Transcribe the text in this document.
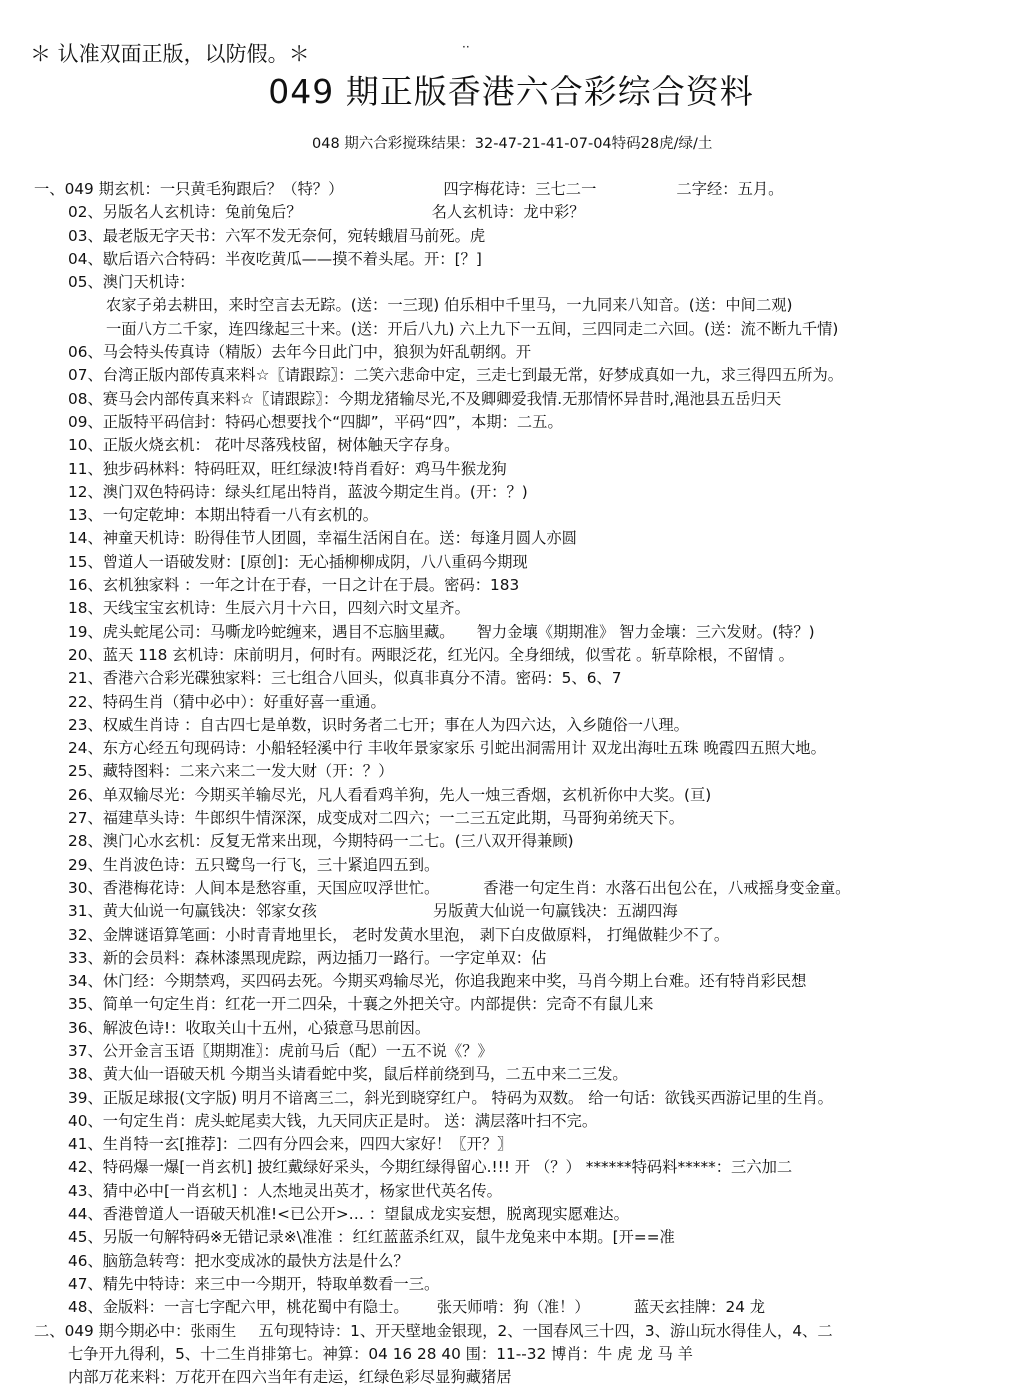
＊ 认准双面正版，以防假。＊	··
049 期正版香港六合彩综合资料
048 期六合彩搅珠结果：32-47-21-41-07-04特码28虎/绿/土
一、049 期玄机：一只黄毛狗跟后？（特？）	四字梅花诗：三七二一	二字经：五月。
02、另版名人玄机诗：兔前兔后？	名人玄机诗：龙中彩？
03、最老版无字天书：六军不发无奈何，宛转蛾眉马前死。虎
04、歇后语六合特码：半夜吃黄瓜——摸不着头尾。开：[？]
05、澳门天机诗：
农家子弟去耕田，来时空言去无踪。(送：一三现) 伯乐相中千里马，一九同来八知音。(送：中间二观)
一面八方二千家，连四缘起三十来。(送：开后八九) 六上九下一五间，三四同走二六回。(送：流不断九千情)
06、马会特头传真诗（精版）去年今日此门中，狼狈为奸乱朝纲。开
07、台湾正版内部传真来料☆〖请跟踪〗：二笑六悲命中定，三走七到最无常，好梦成真如一九，求三得四五所为。
08、赛马会内部传真来料☆〖请跟踪〗：今期龙猪输尽光,不及卿卿爱我情.无那情怀异昔时,渑池县五岳归天
09、正版特平码信封：特码心想要找个“四脚”，平码“四”，本期：二五。
10、正版火烧玄机： 花叶尽落残枝留，树体触天字存身。
11、独步码林料：特码旺双，旺红绿波!特肖看好：鸡马牛猴龙狗
12、澳门双色特码诗：绿头红尾出特肖，蓝波今期定生肖。(开：？)
13、一句定乾坤：本期出特看一八有玄机的。
14、神童天机诗：盼得佳节人团圆，幸福生活闲自在。送：每逢月圆人亦圆
15、曾道人一语破发财：[原创]：无心插柳柳成阴，八八重码今期现
16、玄机独家料 ：一年之计在于春，一日之计在于晨。密码：183
18、天线宝宝玄机诗：生辰六月十六日，四刻六时文星齐。
19、虎头蛇尾公司：马嘶龙吟蛇缠来，遇目不忘脑里藏。 智力金壤《期期准》 智力金壤：三六发财。(特？)
20、蓝天 118 玄机诗：床前明月，何时有。两眼泛花，红光闪。全身细绒，似雪花 。斩草除根，不留情 。
21、香港六合彩光碟独家料：三七组合八回头，似真非真分不清。密码：5、6、7
22、特码生肖（猜中必中）：好重好喜一重通。
23、权威生肖诗 ：自古四七是单数，识时务者二七开；事在人为四六达，入乡随俗一八理。
24、东方心经五句现码诗：小船轻轻溪中行 丰收年景家家乐 引蛇出洞需用计 双龙出海吐五珠 晚霞四五照大地。
25、藏特图料：二来六来二一发大财（开：？）
26、单双输尽光：今期买羊输尽光，凡人看看鸡羊狗，先人一烛三香烟，玄机祈你中大奖。(亘)
27、福建草头诗：牛郎织牛情深深，成变成对二四六；一二三五定此期，马哥狗弟统天下。
28、澳门心水玄机：反复无常来出现，今期特码一二七。(三八双开得兼顾)
29、生肖波色诗：五只鹭鸟一行飞，三十紧追四五到。
30、香港梅花诗：人间本是愁容重，天国应叹浮世忙。	香港一句定生肖：水落石出包公在，八戒摇身变金童。
31、黄大仙说一句赢钱决：邻家女孩	另版黄大仙说一句赢钱决：五湖四海
32、金牌谜语算笔画：小时青青地里长， 老时发黄水里泡， 剥下白皮做原料， 打绳做鞋少不了。
33、新的会员料：森林漆黑现虎踪，两边插刀一路行。一字定单双：佔
34、休门经：今期禁鸡，买四码去死。今期买鸡输尽光，你追我跑来中奖，马肖今期上台难。还有特肖彩民想
35、简单一句定生肖：红花一开二四朵，十襄之外把关守。内部提供：完奇不有鼠儿来
36、解波色诗!：收取关山十五州，心猿意马思前因。
37、公开金言玉语〖期期准〗：虎前马后（配）一五不说《？》
38、黄大仙一语破天机 今期当头请看蛇中奖，鼠后样前绕到马，二五中来二三发。
39、正版足球报(文字版) 明月不谙离三二，斜光到晓穿红户。 特码为双数。 给一句话：欲钱买西游记里的生肖。
40、一句定生肖：虎头蛇尾卖大钱，九天同庆正是时。 送：满层落叶扫不完。
41、生肖特一玄[推荐]：二四有分四会来，四四大家好！〖开？〗
42、特码爆一爆[一肖玄机] 披红戴绿好采头，今期红绿得留心.!!! 开 （？） ******特码料*****：三六加二
43、猜中必中[一肖玄机] ：人杰地灵出英才，杨家世代英名传。
44、香港曾道人一语破天机准!<已公开>… ：望鼠成龙实妄想，脱离现实愿难达。
45、另版一句解特码※无错记录※\准准 ：红红蓝蓝杀红双，鼠牛龙兔来中本期。[开==准
46、脑筋急转弯：把水变成冰的最快方法是什么？
47、精先中特诗：来三中一今期开，特取单数看一三。
48、金版料：一言七字配六甲，桃花蜀中有隐士。 张天师啃：狗（准！）	蓝天玄挂牌：24 龙
二、049 期今期必中：张雨生 五句现特诗：1、开天壁地金银现，2、一国春风三十四，3、游山玩水得佳人，4、二
七争开九得利，5、十二生肖排第七。神算：04 16 28 40 围：11--32 博肖：牛 虎 龙 马 羊
内部万花来料：万花开在四六当年有走运，红绿色彩尽显狗藏猪居
